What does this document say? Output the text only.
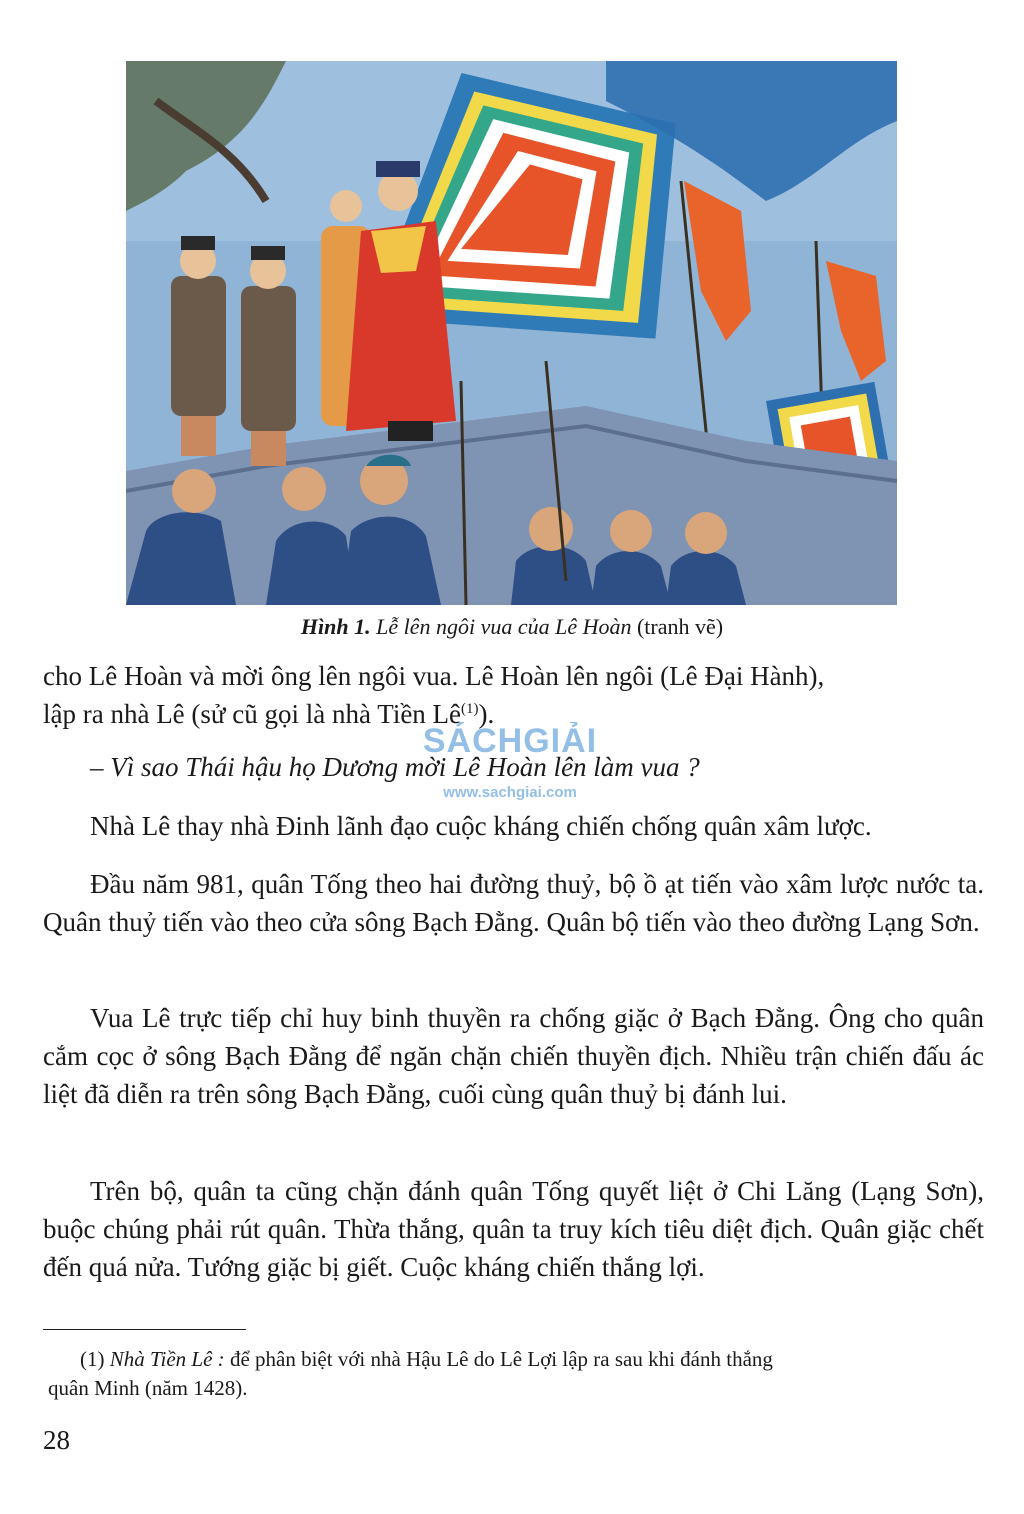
Hình 1. Lễ lên ngôi vua của Lê Hoàn (tranh vẽ)
cho Lê Hoàn và mời ông lên ngôi vua. Lê Hoàn lên ngôi (Lê Đại Hành),
lập ra nhà Lê (sử cũ gọi là nhà Tiền $Lê^{(1)}$).
SÁCHGIẢI
www.sachgiai.com
– Vì sao Thái hậu họ Dương mời Lê Hoàn lên làm vua ?
Nhà Lê thay nhà Đinh lãnh đạo cuộc kháng chiến chống quân xâm lược.
Đầu năm 981, quân Tống theo hai đường thuỷ, bộ ồ ạt tiến vào xâm lược nước ta. Quân thuỷ tiến vào theo cửa sông Bạch Đằng. Quân bộ tiến vào theo đường Lạng Sơn.
Vua Lê trực tiếp chỉ huy binh thuyền ra chống giặc ở Bạch Đằng. Ông cho quân cắm cọc ở sông Bạch Đằng để ngăn chặn chiến thuyền địch. Nhiều trận chiến đấu ác liệt đã diễn ra trên sông Bạch Đằng, cuối cùng quân thuỷ bị đánh lui.
Trên bộ, quân ta cũng chặn đánh quân Tống quyết liệt ở Chi Lăng (Lạng Sơn), buộc chúng phải rút quân. Thừa thắng, quân ta truy kích tiêu diệt địch. Quân giặc chết đến quá nửa. Tướng giặc bị giết. Cuộc kháng chiến thắng lợi.
(1) Nhà Tiền Lê : để phân biệt với nhà Hậu Lê do Lê Lợi lập ra sau khi đánh thắng
quân Minh (năm 1428).
28
